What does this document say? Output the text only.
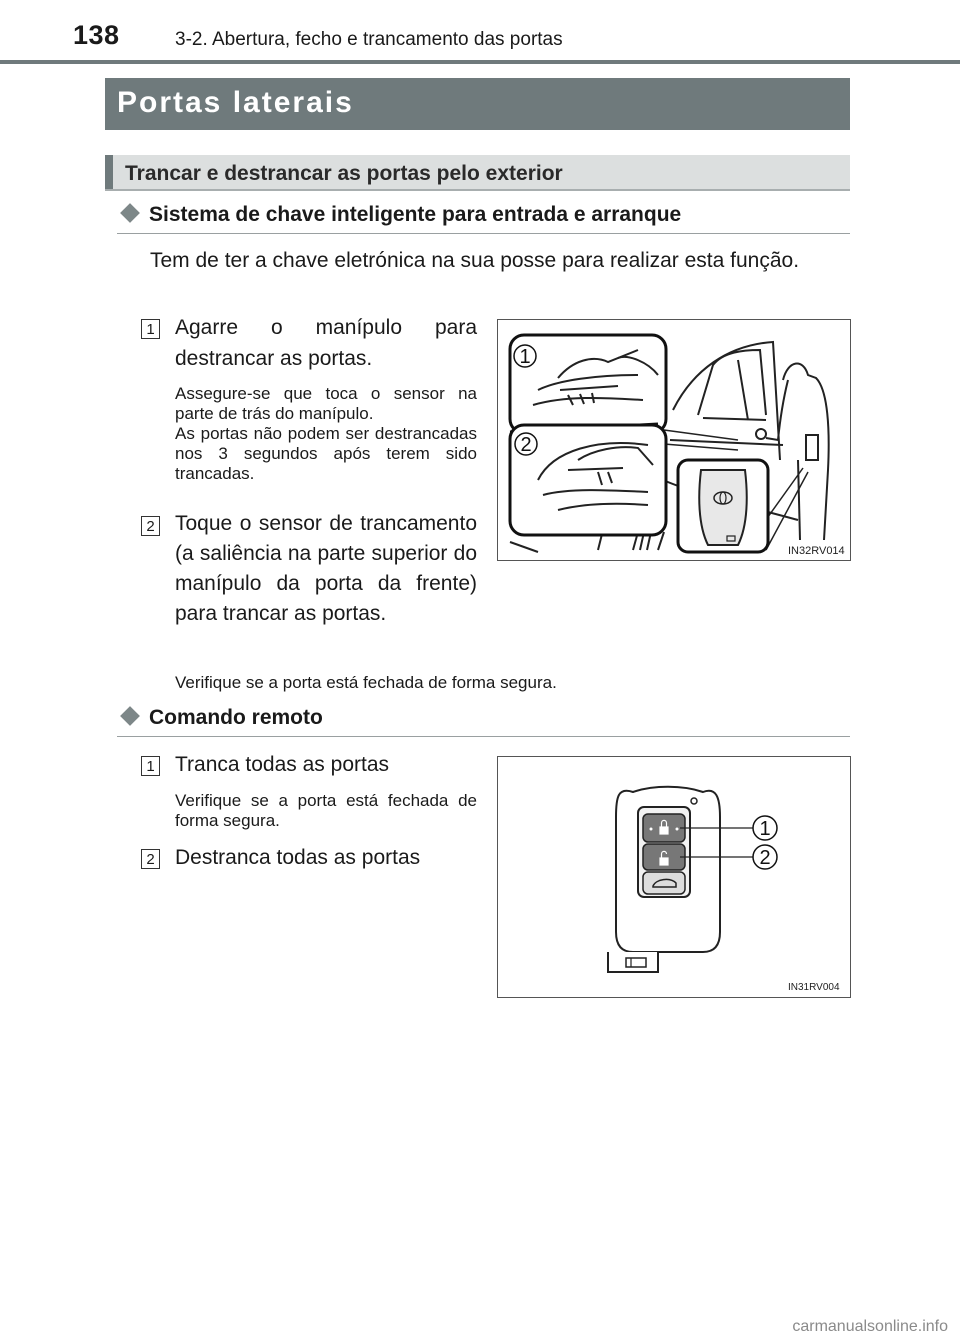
138	3-2. Abertura, fecho e trancamento das portas
Portas laterais
Trancar e destrancar as portas pelo exterior
Sistema de chave inteligente para entrada e arranque
Tem de ter a chave eletrónica na sua posse para realizar esta função.
1 Agarre o manípulo para destrancar as portas.
Assegure-se que toca o sensor na parte de trás do manípulo.
As portas não podem ser destrancadas nos 3 segundos após terem sido trancadas.
2 Toque o sensor de trancamento (a saliência na parte superior do manípulo da porta da frente) para trancar as portas.
Verifique se a porta está fechada de forma segura.
1
2
IN32RV014
Comando remoto
1 Tranca todas as portas
Verifique se a porta está fechada de forma segura.
2 Destranca todas as portas
1
2
IN31RV004
carmanualsonline.info
